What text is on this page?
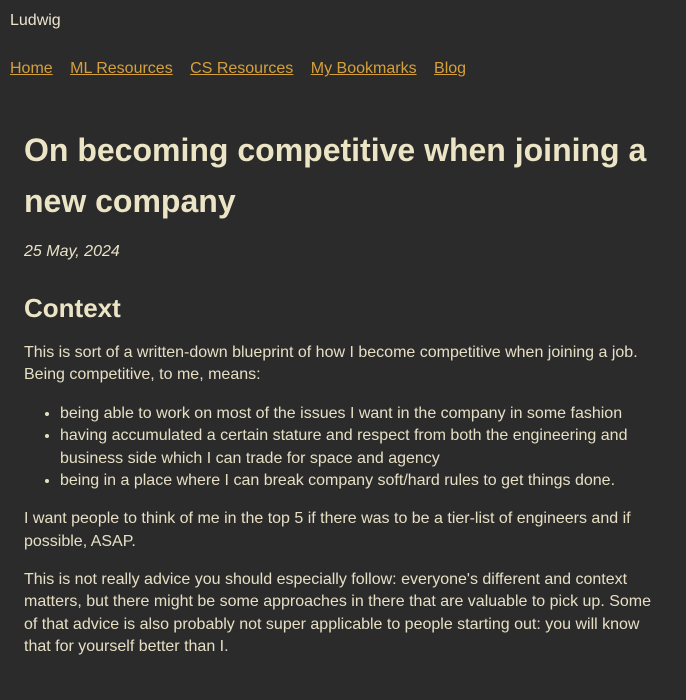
Ludwig
Home ML Resources CS Resources My Bookmarks Blog
On becoming competitive when joining a new company

25 May, 2024

Context

This is sort of a written-down blueprint of how I become competitive when joining a job. Being competitive, to me, means:

• being able to work on most of the issues I want in the company in some fashion
• having accumulated a certain stature and respect from both the engineering and business side which I can trade for space and agency
• being in a place where I can break company soft/hard rules to get things done.

I want people to think of me in the top 5 if there was to be a tier-list of engineers and if possible, ASAP.

This is not really advice you should especially follow: everyone's different and context matters, but there might be some approaches in there that are valuable to pick up. Some of that advice is also probably not super applicable to people starting out: you will know that for yourself better than I.
